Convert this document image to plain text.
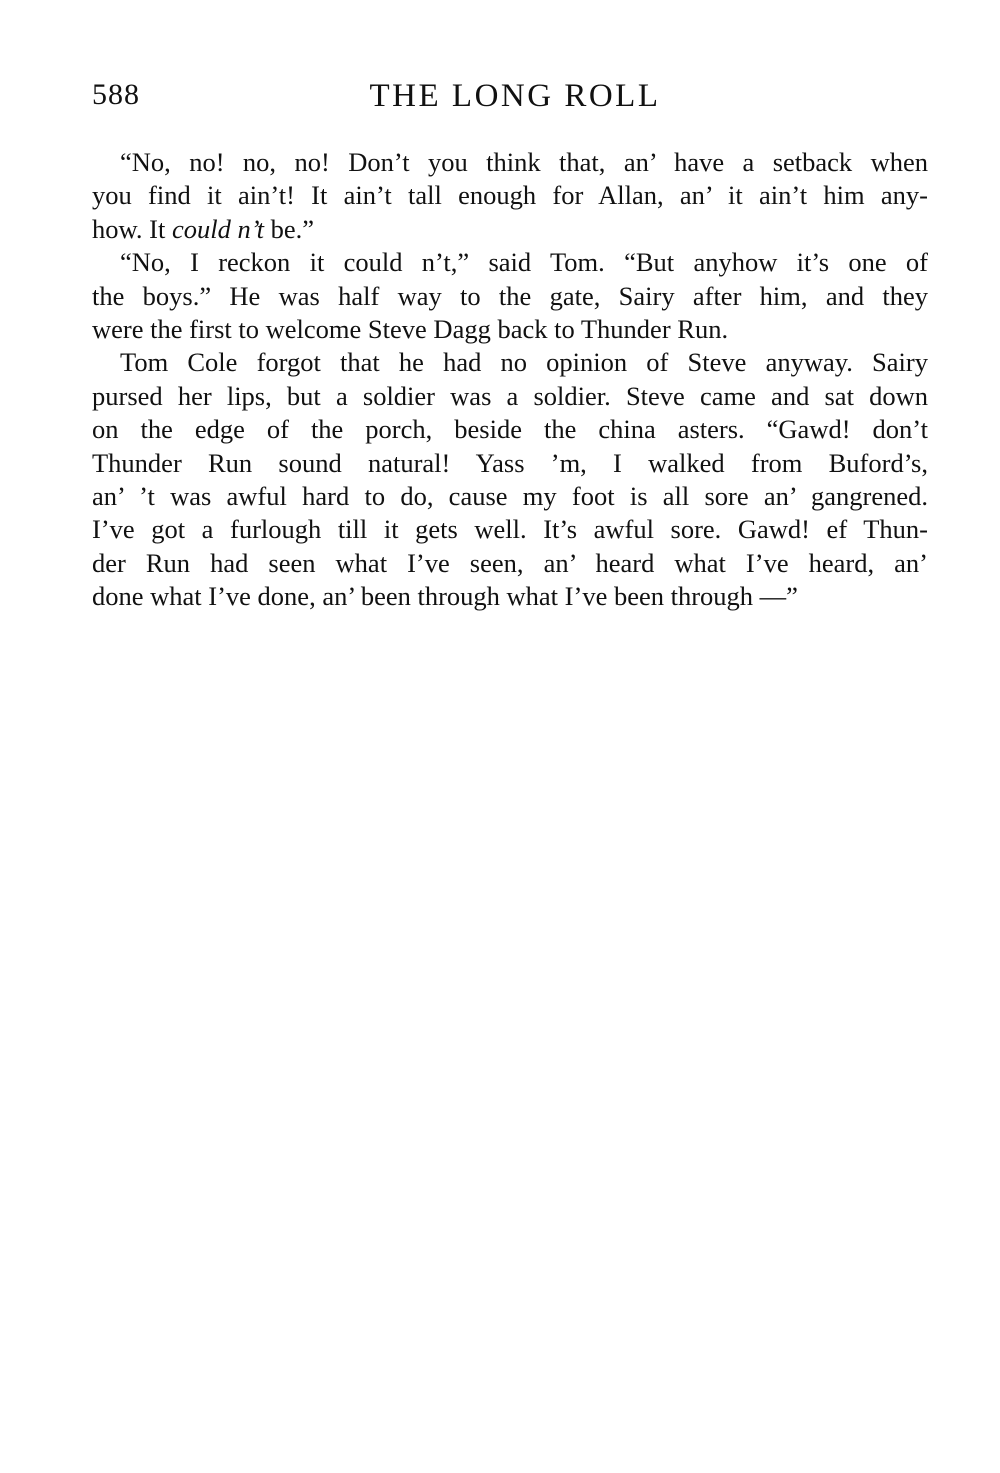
588	THE LONG ROLL
“No, no! no, no! Don’t you think that, an’ have a setback when
you find it ain’t! It ain’t tall enough for Allan, an’ it ain’t him any-
how. It could n’t be.”
“No, I reckon it could n’t,” said Tom. “But anyhow it’s one of
the boys.” He was half way to the gate, Sairy after him, and they
were the first to welcome Steve Dagg back to Thunder Run.
Tom Cole forgot that he had no opinion of Steve anyway. Sairy
pursed her lips, but a soldier was a soldier. Steve came and sat down
on the edge of the porch, beside the china asters. “Gawd! don’t
Thunder Run sound natural! Yass ’m, I walked from Buford’s,
an’ ’t was awful hard to do, cause my foot is all sore an’ gangrened.
I’ve got a furlough till it gets well. It’s awful sore. Gawd! ef Thun-
der Run had seen what I’ve seen, an’ heard what I’ve heard, an’
done what I’ve done, an’ been through what I’ve been through —”
